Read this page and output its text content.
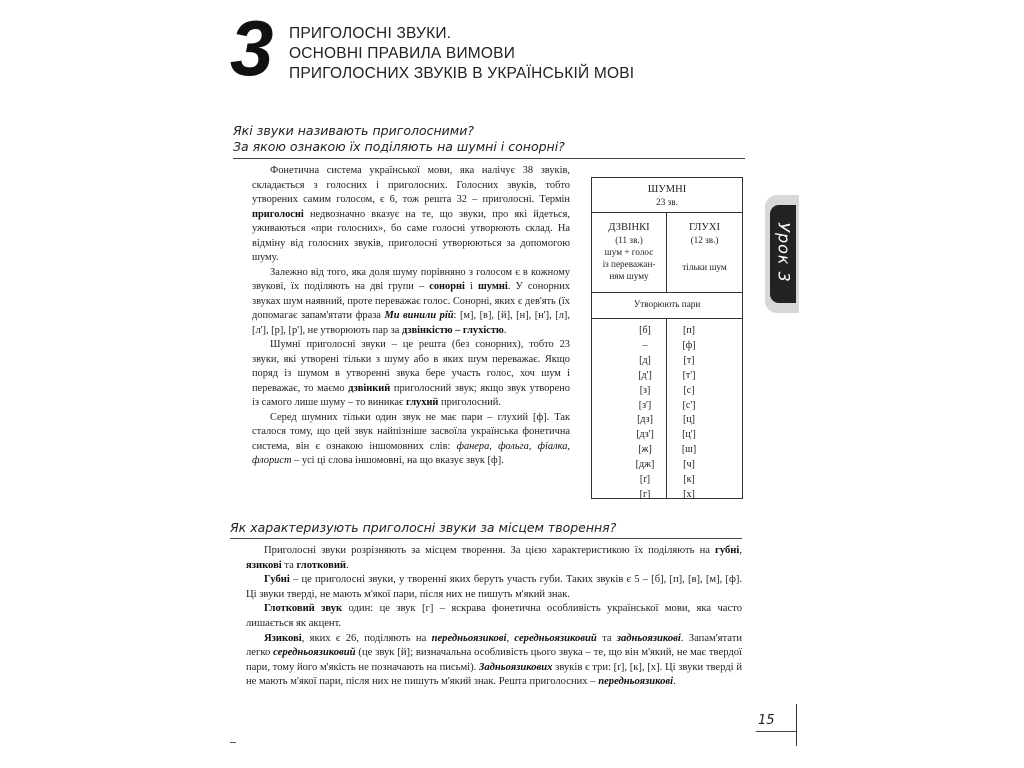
3 ПРИГОЛОСНІ ЗВУКИ.
ОСНОВНІ ПРАВИЛА ВИМОВИ
ПРИГОЛОСНИХ ЗВУКІВ В УКРАЇНСЬКІЙ МОВІ
Які звуки називають приголосними?
За якою ознакою їх поділяють на шумні і сонорні?

Фонетична система української мови, яка налічує 38 звуків, складається з голосних і приголосних. Голосних звуків, тобто утворених самим голосом, є 6, тож решта 32 – приголосні. Термін приголосні недвозначно вказує на те, що звуки, про які йдеться, уживаються «при голосних», бо саме голосні утворюють склад. На відміну від голосних звуків, приголосні утворюються за допомогою шуму.

Залежно від того, яка доля шуму порівняно з голосом є в кожному звукові, їх поділяють на дві групи – сонорні і шумні. У сонорних звуках шум наявний, проте переважає голос. Сонорні, яких є дев'ять (їх допомагає запам'ятати фраза Ми винили рій: [м], [в], [й], [н], [н'], [л], [л'], [р], [р'], не утворюють пар за дзвінкістю – глухістю.

Шумні приголосні звуки – це решта (без сонорних), тобто 23 звуки, які утворені тільки з шуму або в яких шум переважає. Якщо поряд із шумом в утворенні звука бере участь голос, хоч шум і переважає, то маємо дзвінкий приголосний звук; якщо звук утворено із самого лише шуму – то виникає глухий приголосний.

Серед шумних тільки один звук не має пари – глухий [ф]. Так сталося тому, що цей звук найпізніше засвоїла українська фонетична система, він є ознакою іншомовних слів: фанера, фольга, фіалка, флорист – усі ці слова іншомовні, на що вказує звук [ф].

ШУМНІ
23 зв.
ДЗВІНКІ
(11 зв.)
шум + голос
із переважан-
ням шуму
ГЛУХІ
(12 зв.)
тільки шум
Утворюють пари
[б]
–
[д]
[д']
[з]
[з']
[дз]
[дз']
[ж]
[дж]
[ґ]
[г]
[п]
[ф]
[т]
[т']
[с]
[с']
[ц]
[ц']
[ш]
[ч]
[к]
[х]
Урок 3
Як характеризують приголосні звуки за місцем творення?

Приголосні звуки розрізняють за місцем творення. За цією характеристикою їх поділяють на губні, язикові та глотковий.

Губні – це приголосні звуки, у творенні яких беруть участь губи. Таких звуків є 5 – [б], [п], [в], [м], [ф]. Ці звуки тверді, не мають м'якої пари, після них не пишуть м'який знак.

Глотковий звук один: це звук [г] – яскрава фонетична особливість української мови, яка часто лишається як акцент.

Язикові, яких є 26, поділяють на передньоязикові, середньоязиковий та задньоязикові. Запам'ятати легко середньоязиковий (це звук [й]; визначальна особливість цього звука – те, що він м'який, не має твердої пари, тому його м'якість не позначають на письмі). Задньоязикових звуків є три: [ґ], [к], [х]. Ці звуки тверді й не мають м'якої пари, після них не пишуть м'який знак. Решта приголосних – передньоязикові.

15
